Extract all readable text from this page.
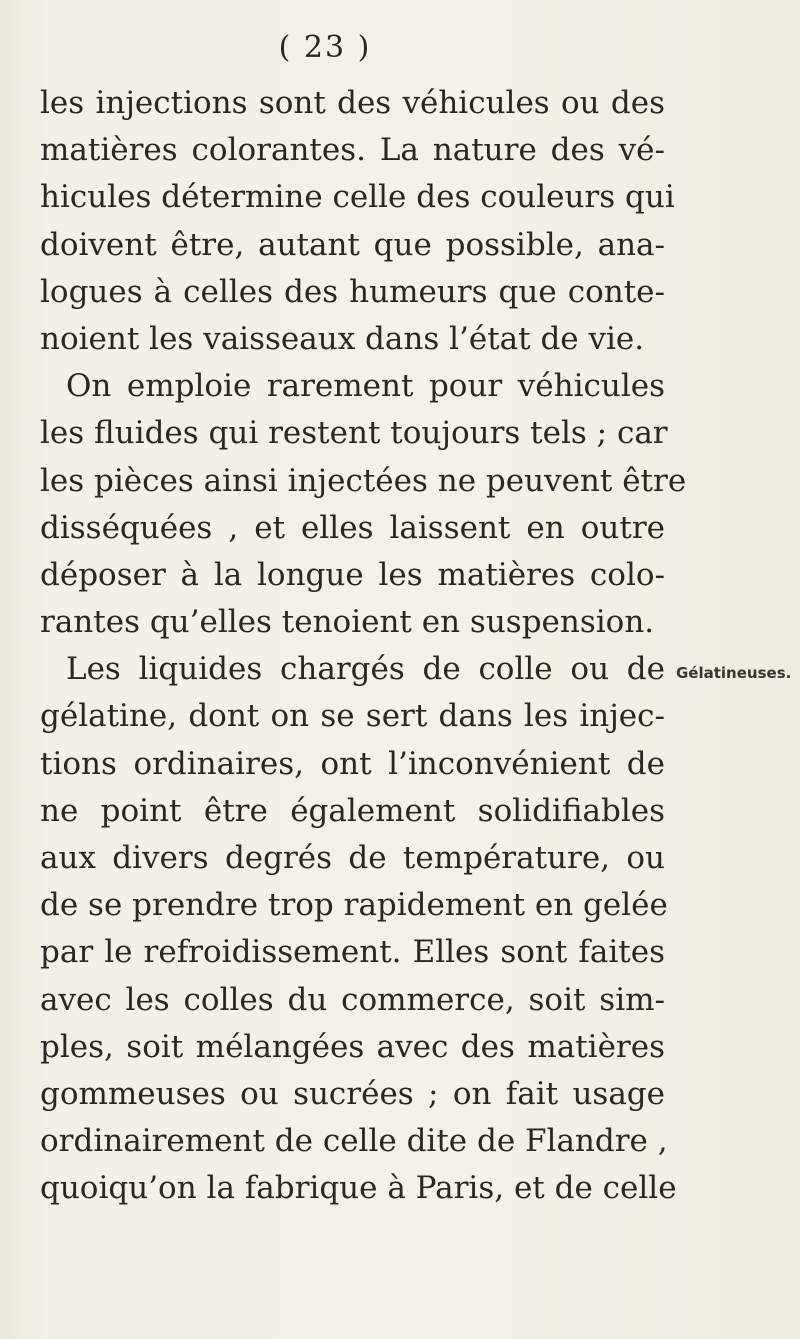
( 23 )
les injections sont des véhicules ou des
matières colorantes. La nature des vé-
hicules détermine celle des couleurs qui
doivent être, autant que possible, ana-
logues à celles des humeurs que conte-
noient les vaisseaux dans l’état de vie.
On emploie rarement pour véhicules
les fluides qui restent toujours tels ; car
les pièces ainsi injectées ne peuvent être
disséquées , et elles laissent en outre
déposer à la longue les matières colo-
rantes qu’elles tenoient en suspension.
Les liquides chargés de colle ou de
gélatine, dont on se sert dans les injec-
tions ordinaires, ont l’inconvénient de
ne point être également solidifiables
aux divers degrés de température, ou
de se prendre trop rapidement en gelée
par le refroidissement. Elles sont faites
avec les colles du commerce, soit sim-
ples, soit mélangées avec des matières
gommeuses ou sucrées ; on fait usage
ordinairement de celle dite de Flandre ,
quoiqu’on la fabrique à Paris, et de celle
Gélatineuses.
